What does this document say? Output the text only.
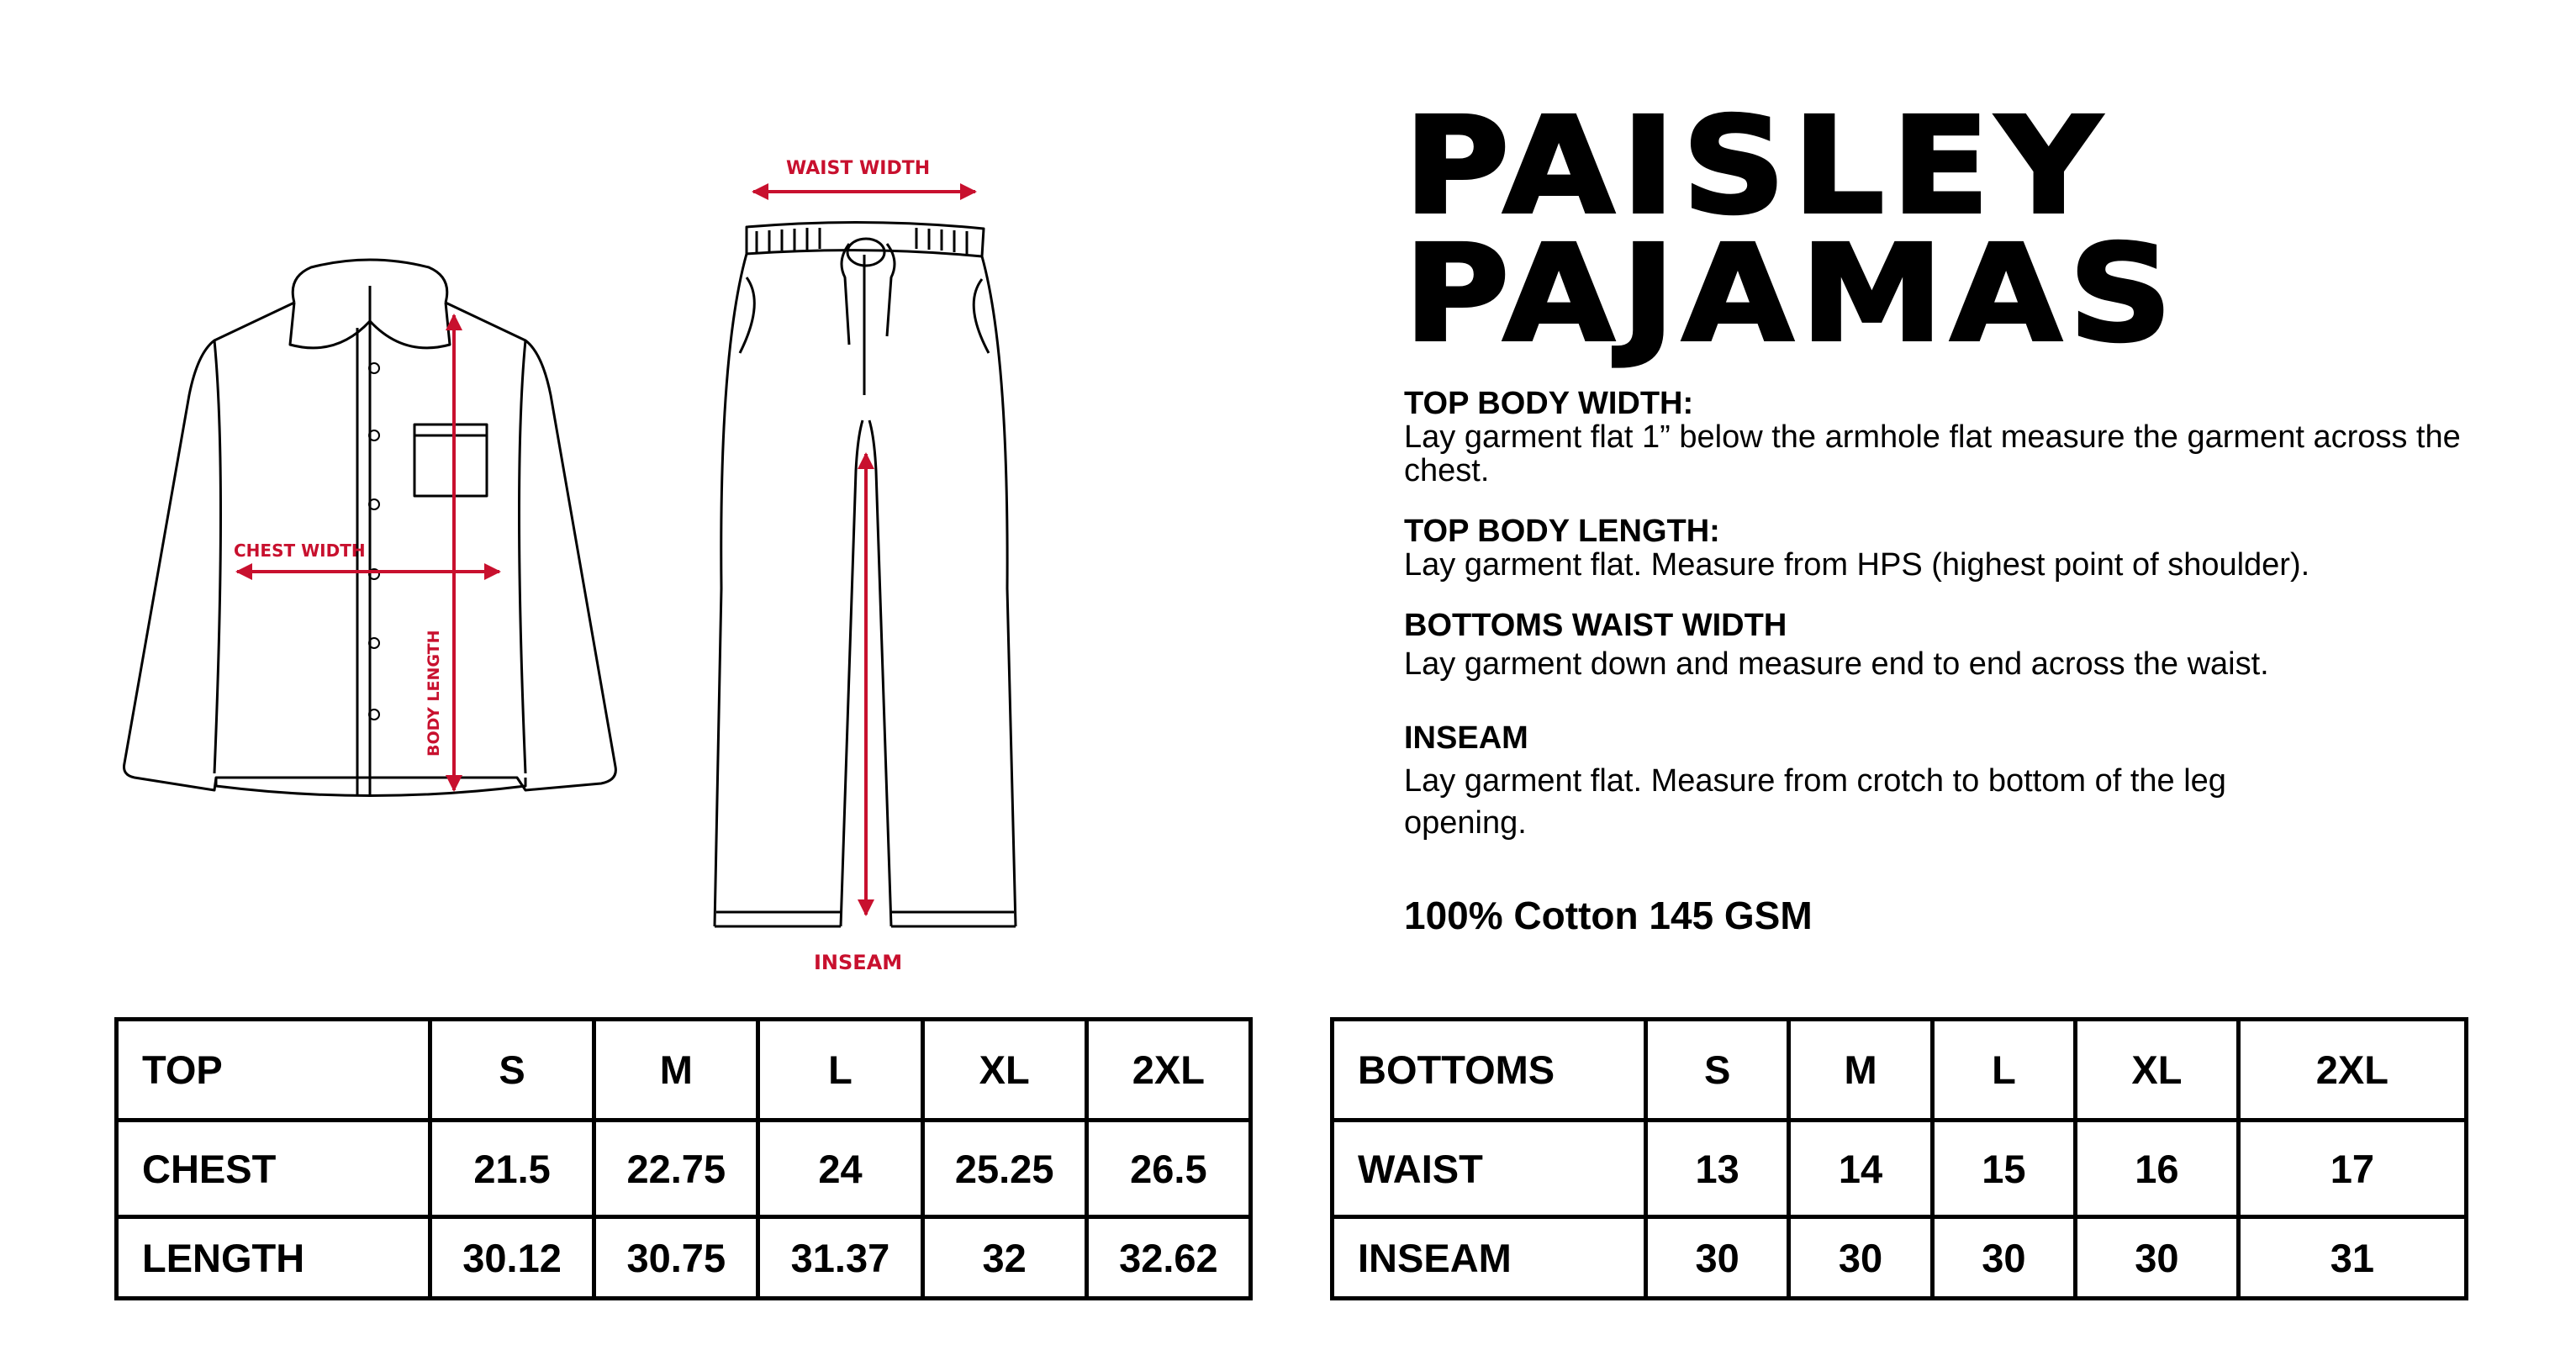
CHEST WIDTH
BODY LENGTH
WAIST WIDTH
INSEAM
PAISLEY
PAJAMAS
TOP BODY WIDTH:
Lay garment flat 1” below the armhole flat measure the garment across the chest.
TOP BODY LENGTH:
Lay garment flat. Measure from HPS (highest point of shoulder).
BOTTOMS WAIST WIDTH
Lay garment down and measure end to end across the waist.
INSEAM
Lay garment flat. Measure from crotch to bottom of the leg opening.
100% Cotton 145 GSM
TOP	S	M	L	XL	2XL
CHEST	21.5	22.75	24	25.25	26.5
LENGTH	30.12	30.75	31.37	32	32.62
BOTTOMS	S	M	L	XL	2XL
WAIST	13	14	15	16	17
INSEAM	30	30	30	30	31
